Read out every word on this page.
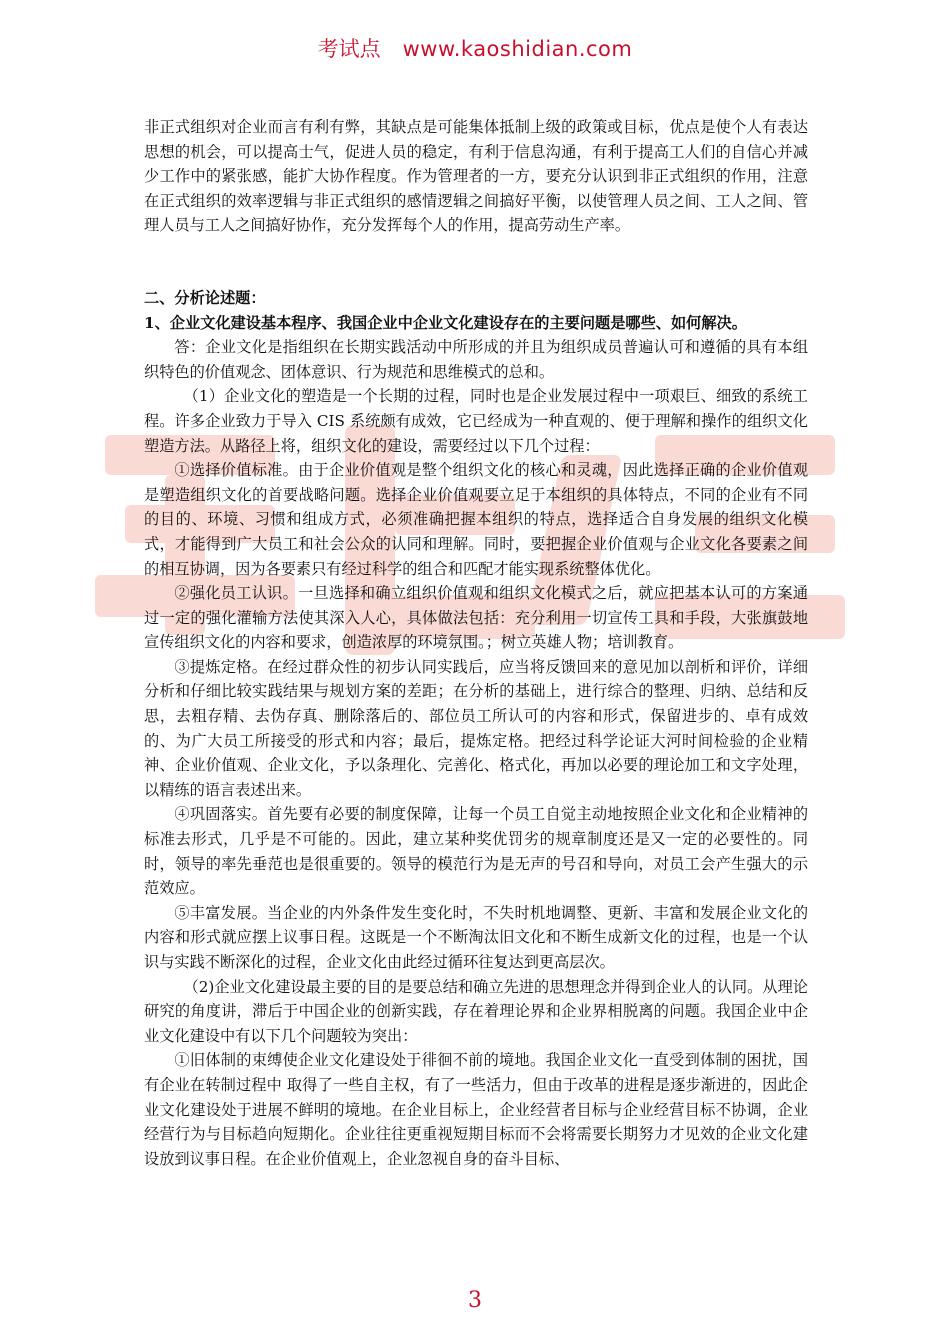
考试点 www.kaoshidian.com

非正式组织对企业而言有利有弊，其缺点是可能集体抵制上级的政策或目标，优点是使个人有表达思想的机会，可以提高士气，促进人员的稳定，有利于信息沟通，有利于提高工人们的自信心并减少工作中的紧张感，能扩大协作程度。作为管理者的一方，要充分认识到非正式组织的作用，注意在正式组织的效率逻辑与非正式组织的感情逻辑之间搞好平衡，以使管理人员之间、工人之间、管理人员与工人之间搞好协作，充分发挥每个人的作用，提高劳动生产率。

二、分析论述题：

1、企业文化建设基本程序、我国企业中企业文化建设存在的主要问题是哪些、如何解决。

答：企业文化是指组织在长期实践活动中所形成的并且为组织成员普遍认可和遵循的具有本组织特色的价值观念、团体意识、行为规范和思维模式的总和。

（1）企业文化的塑造是一个长期的过程，同时也是企业发展过程中一项艰巨、细致的系统工程。许多企业致力于导入 CIS 系统颇有成效，它已经成为一种直观的、便于理解和操作的组织文化塑造方法。从路径上将，组织文化的建设，需要经过以下几个过程：

①选择价值标准。由于企业价值观是整个组织文化的核心和灵魂，因此选择正确的企业价值观是塑造组织文化的首要战略问题。选择企业价值观要立足于本组织的具体特点，不同的企业有不同的目的、环境、习惯和组成方式，必须准确把握本组织的特点，选择适合自身发展的组织文化模式，才能得到广大员工和社会公众的认同和理解。同时，要把握企业价值观与企业文化各要素之间的相互协调，因为各要素只有经过科学的组合和匹配才能实现系统整体优化。

②强化员工认识。一旦选择和确立组织价值观和组织文化模式之后，就应把基本认可的方案通过一定的强化灌输方法使其深入人心，具体做法包括：充分利用一切宣传工具和手段，大张旗鼓地宣传组织文化的内容和要求，创造浓厚的环境氛围。；树立英雄人物；培训教育。

③提炼定格。在经过群众性的初步认同实践后，应当将反馈回来的意见加以剖析和评价，详细分析和仔细比较实践结果与规划方案的差距；在分析的基础上，进行综合的整理、归纳、总结和反思，去粗存精、去伪存真、删除落后的、部位员工所认可的内容和形式，保留进步的、卓有成效的、为广大员工所接受的形式和内容；最后，提炼定格。把经过科学论证大河时间检验的企业精神、企业价值观、企业文化，予以条理化、完善化、格式化，再加以必要的理论加工和文字处理，以精练的语言表述出来。

④巩固落实。首先要有必要的制度保障，让每一个员工自觉主动地按照企业文化和企业精神的标准去形式，几乎是不可能的。因此，建立某种奖优罚劣的规章制度还是又一定的必要性的。同时，领导的率先垂范也是很重要的。领导的模范行为是无声的号召和导向，对员工会产生强大的示范效应。

⑤丰富发展。当企业的内外条件发生变化时，不失时机地调整、更新、丰富和发展企业文化的内容和形式就应摆上议事日程。这既是一个不断淘汰旧文化和不断生成新文化的过程，也是一个认识与实践不断深化的过程，企业文化由此经过循环往复达到更高层次。

（2)企业文化建设最主要的目的是要总结和确立先进的思想理念并得到企业人的认同。从理论研究的角度讲，滞后于中国企业的创新实践，存在着理论界和企业界相脱离的问题。我国企业中企业文化建设中有以下几个问题较为突出：

①旧体制的束缚使企业文化建设处于徘徊不前的境地。我国企业文化一直受到体制的困扰，国有企业在转制过程中 取得了一些自主权，有了一些活力，但由于改革的进程是逐步渐进的，因此企业文化建设处于进展不鲜明的境地。在企业目标上，企业经营者目标与企业经营目标不协调，企业经营行为与目标趋向短期化。企业往往更重视短期目标而不会将需要长期努力才见效的企业文化建设放到议事日程。在企业价值观上，企业忽视自身的奋斗目标、

3
